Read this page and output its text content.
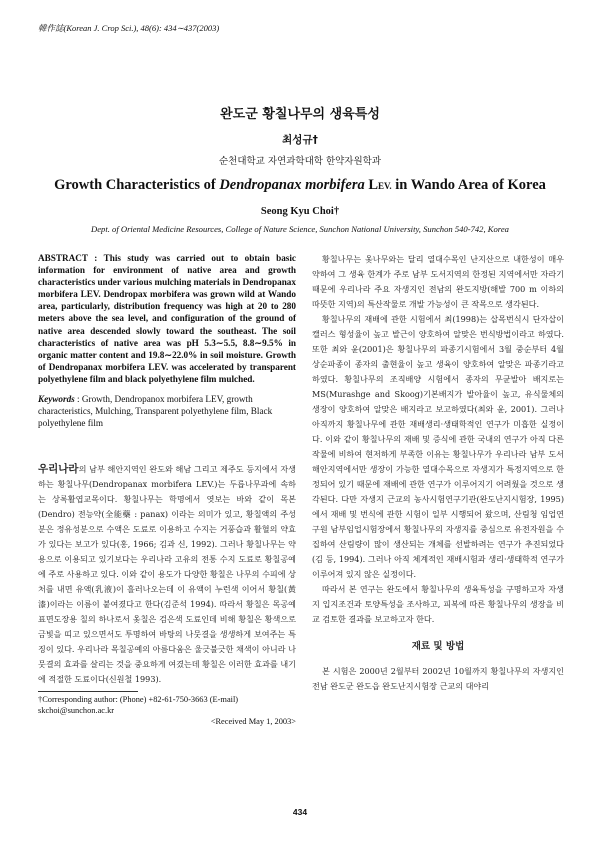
韓作誌(Korean J. Crop Sci.), 48(6): 434∼437(2003)
완도군 황칠나무의 생육특성
최성규†
순천대학교 자연과학대학 한약자원학과
Growth Characteristics of Dendropanax morbifera LEV. in Wando Area of Korea
Seong Kyu Choi†
Dept. of Oriental Medicine Resources, College of Nature Science, Sunchon National University, Sunchon 540-742, Korea
ABSTRACT : This study was carried out to obtain basic information for environment of native area and growth characteristics under various mulching materials in Dendropanax morbifera LEV. Dendropax morbifera was grown wild at Wando area, particularly, distribution frequency was high at 20 to 280 meters above the sea level, and configuration of the ground of native area descended slowly toward the southeast. The soil characteristics of native area was pH 5.3∼5.5, 8.8∼9.5% in organic matter content and 19.8∼22.0% in soil moisture. Growth of Dendropanax morbifera LEV. was accelerated by transparent polyethylene film and black polyethylene film mulched.
Keywords : Growth, Dendropanox morbifera LEV, growth characteristics, Mulching, Transparent polyethylene film, Black polyethylene film

우리나라의 남부 해안지역인 완도와 해남 그리고 제주도 등지에서 자생하는 황칠나무(Dendropanax morbifera LEV.)는 두릅나무과에 속하는 상록활엽교목이다. 황칠나무는 학명에서 엿보는 바와 같이 목본(Dendro) 전능약(全能藥 : panax) 이라는 의미가 있고, 황칠액의 주성분은 정유성분으로 수액은 도료로 이용하고 수지는 거풍습과 활혈의 약효가 있다는 보고가 있다(홍, 1966; 김과 신, 1992). 그러나 황칠나무는 약용으로 이용되고 있기보다는 우리나라 고유의 전통 수지 도료로 황칠공예에 주로 사용하고 있다. 이와 같이 용도가 다양한 황칠은 나무의 수피에 상처를 내면 유액(乳液)이 흘러나오는데 이 유액이 누런색 이어서 황칠(黃漆)이라는 이름이 붙여졌다고 한다(김준석 1994). 따라서 황칠은 목공예 표면도장용 칠의 하나로서 옻칠은 검은색 도료인데 비해 황칠은 황색으로 금빛을 띠고 있으면서도 투명하여 바탕의 나뭇결을 생생하게 보여주는 특징이 있다. 우리나라 목칠공예의 아름다움은 울긋불긋한 채색이 아니라 나뭇결의 효과를 살리는 것을 중요하게 여겼는데 황칠은 이러한 효과를 내기에 적절한 도료이다(신원철 1993).

†Corresponding author: (Phone) +82-61-750-3663 (E-mail) skchoi@sunchon.ac.kr
<Received May 1, 2003>

황칠나무는 옻나무와는 달리 열대수목인 난지산으로 내한성이 매우 약하여 그 생육 한계가 주로 남부 도서지역의 한정된 지역에서만 자라기 때문에 우리나라 주요 자생지인 전남의 완도지방(해발 700 m 이하의 따뜻한 지역)의 특산작물로 개발 가능성이 큰 작목으로 생각된다.

황칠나무의 재배에 관한 시험에서 최(1998)는 삽목번식시 단자삽이 캘러스 형성율이 높고 발근이 양호하여 알맞은 번식방법이라고 하였다. 또한 최와 윤(2001)은 황칠나무의 파종기시험에서 3월 중순부터 4월 상순파종이 종자의 출현율이 높고 생육이 양호하여 알맞은 파종기라고 하였다. 황칠나무의 조직배양 시험에서 종자의 무균발아 배지로는 MS(Murashge and Skoog)기본배지가 발아율이 높고, 유식물체의 생장이 양호하여 알맞은 배지라고 보고하였다(최와 윤, 2001). 그러나 아직까지 황칠나무에 관한 재배생리·생태학적인 연구가 미흡한 실정이다. 이와 같이 황칠나무의 재배 및 증식에 관한 국내의 연구가 아직 다른 작물에 비하여 현저하게 부족한 이유는 황칠나무가 우리나라 남부 도서 해안지역에서만 생장이 가능한 열대수목으로 자생지가 특정지역으로 한정되어 있기 때문에 재배에 관한 연구가 이루어지기 어려웠을 것으로 생각된다. 다만 자생지 근교의 농사시험연구기관(완도난지시험장, 1995)에서 재배 및 번식에 관한 시험이 일부 시행되어 왔으며, 산림청 임업연구원 남부임업시험장에서 황칠나무의 자생지를 중심으로 유전자원을 수집하여 산림량이 많이 생산되는 개체를 선발하려는 연구가 추진되었다(김 등, 1994). 그러나 아직 체계적인 재배시험과 생리·생태학적 연구가 이루어져 있지 않은 실정이다.

따라서 본 연구는 완도에서 황칠나무의 생육특성을 구명하고자 자생지 입지조건과 토양특성을 조사하고, 피복에 따른 황칠나무의 생장을 비교 검토한 결과를 보고하고자 한다.

재료 및 방법

본 시험은 2000년 2월부터 2002년 10월까지 황칠나무의 자생지인 전남 완도군 완도읍 완도난지시험장 근교의 대야리

434
